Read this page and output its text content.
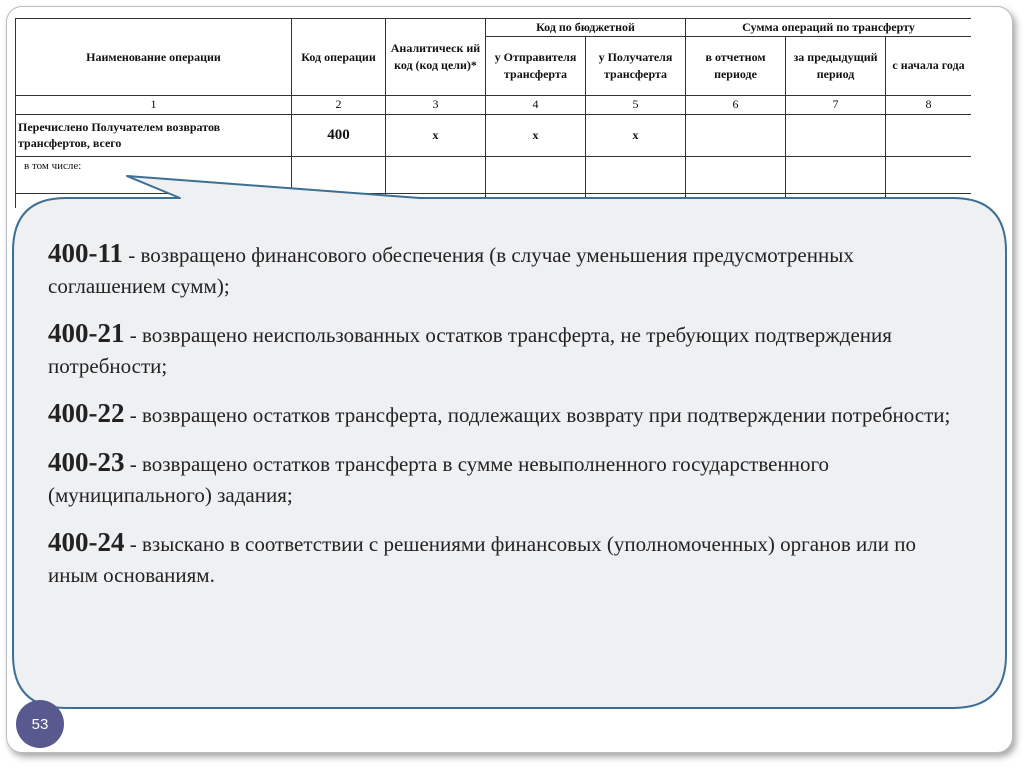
Наименование операции	Код операции	Аналитическ ий код (код цели)*	Код по бюджетной		Сумма операций по трансферту		
			у Отправителя трансферта	у Получателя трансферта	в отчетном периоде	за предыдущий период	с начала года
1	2	3	4	5	6	7	8
Перечислено Получателем возвратов трансфертов, всего	400	x	x	x			
в том числе:							

400-11 - возвращено финансового обеспечения (в случае уменьшения предусмотренных соглашением сумм);

400-21 - возвращено неиспользованных остатков трансферта, не требующих подтверждения потребности;

400-22 - возвращено остатков трансферта, подлежащих возврату при подтверждении потребности;

400-23 - возвращено остатков трансферта в сумме невыполненного государственного (муниципального) задания;

400-24 - взыскано в соответствии с решениями финансовых (уполномоченных) органов или по иным основаниям.

53
